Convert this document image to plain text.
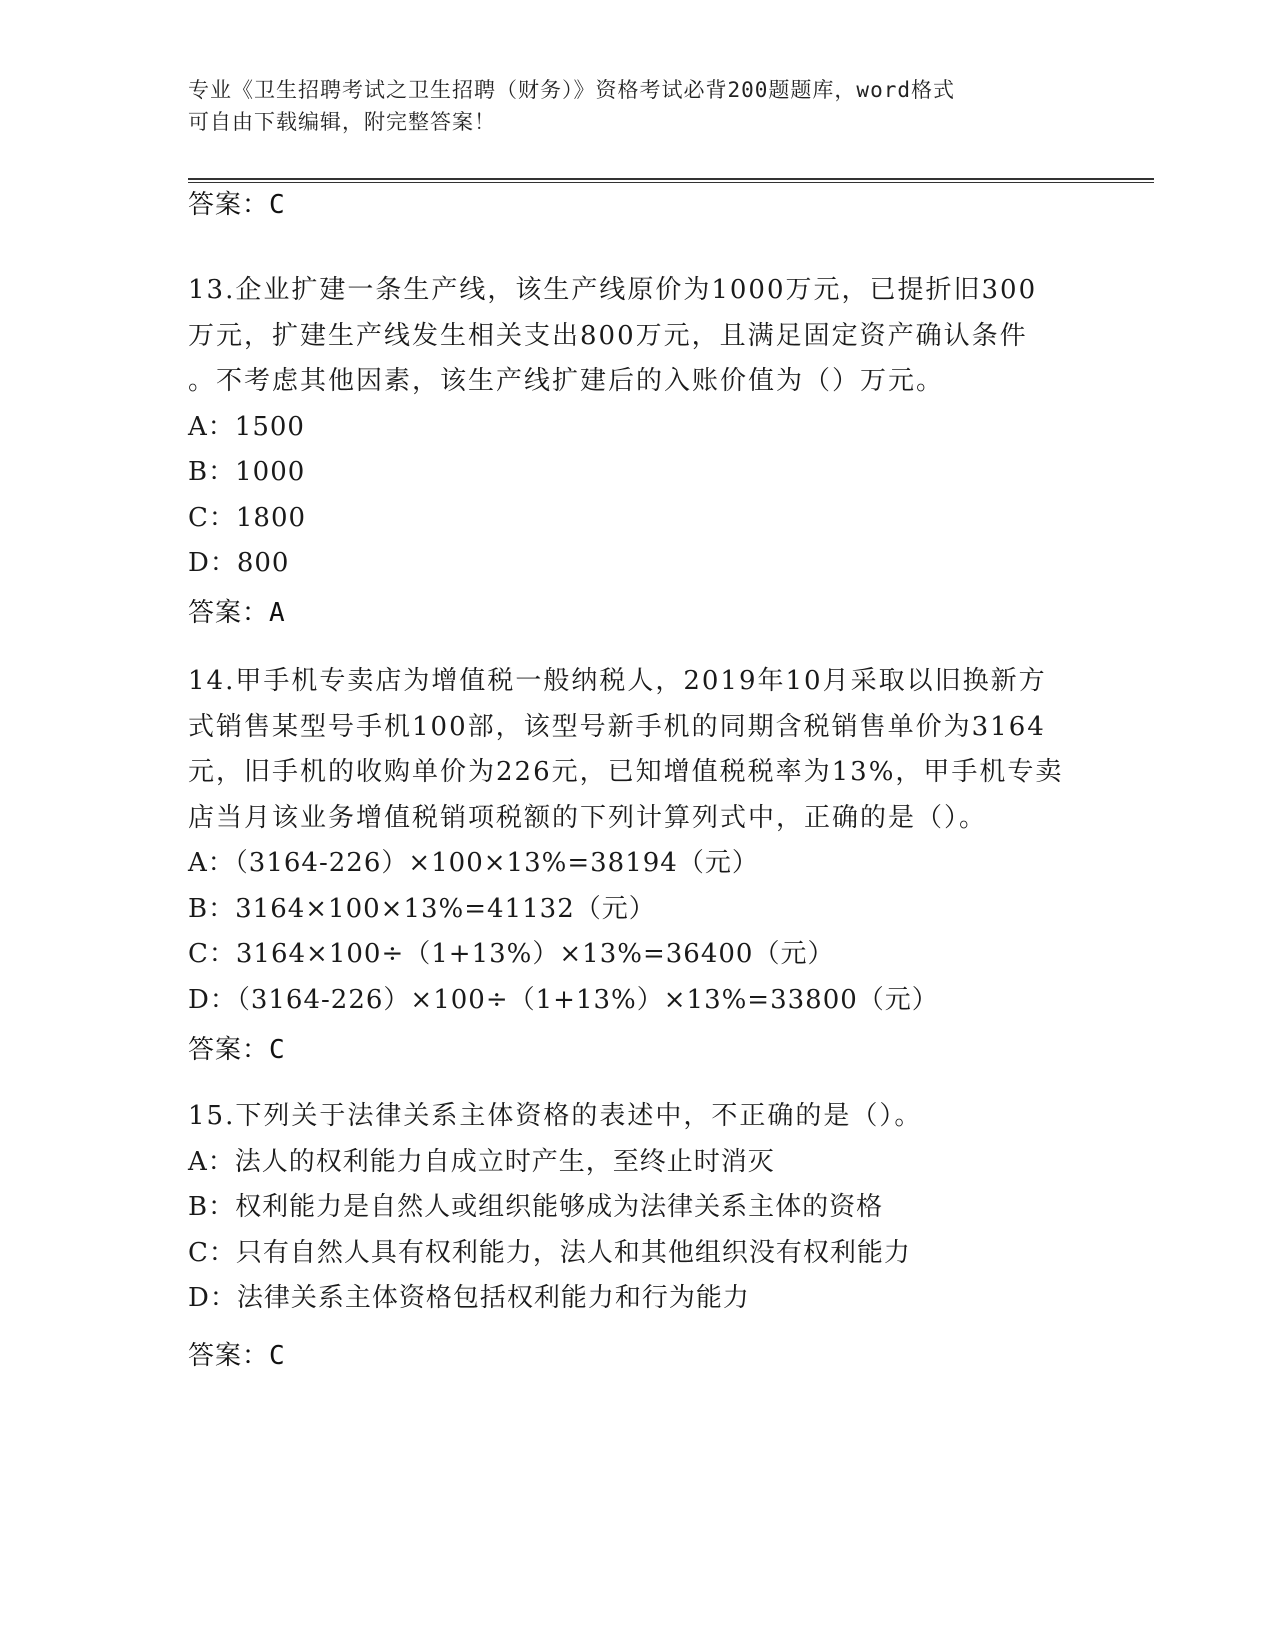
专业《卫生招聘考试之卫生招聘（财务）》资格考试必背200题题库，word格式
可自由下载编辑，附完整答案！
答案：C

13.企业扩建一条生产线，该生产线原价为1000万元，已提折旧300

万元，扩建生产线发生相关支出800万元，且满足固定资产确认条件

。不考虑其他因素，该生产线扩建后的入账价值为（）万元。

A：1500

B：1000

C：1800

D：800

答案：A

14.甲手机专卖店为增值税一般纳税人，2019年10月采取以旧换新方

式销售某型号手机100部，该型号新手机的同期含税销售单价为3164

元，旧手机的收购单价为226元，已知增值税税率为13%，甲手机专卖

店当月该业务增值税销项税额的下列计算列式中，正确的是（）。

A：（3164-226）×100×13%=38194（元）

B：3164×100×13%=41132（元）

C：3164×100÷（1+13%）×13%=36400（元）

D：（3164-226）×100÷（1+13%）×13%=33800（元）

答案：C

15.下列关于法律关系主体资格的表述中，不正确的是（）。

A：法人的权利能力自成立时产生，至终止时消灭

B：权利能力是自然人或组织能够成为法律关系主体的资格

C：只有自然人具有权利能力，法人和其他组织没有权利能力

D：法律关系主体资格包括权利能力和行为能力

答案：C
